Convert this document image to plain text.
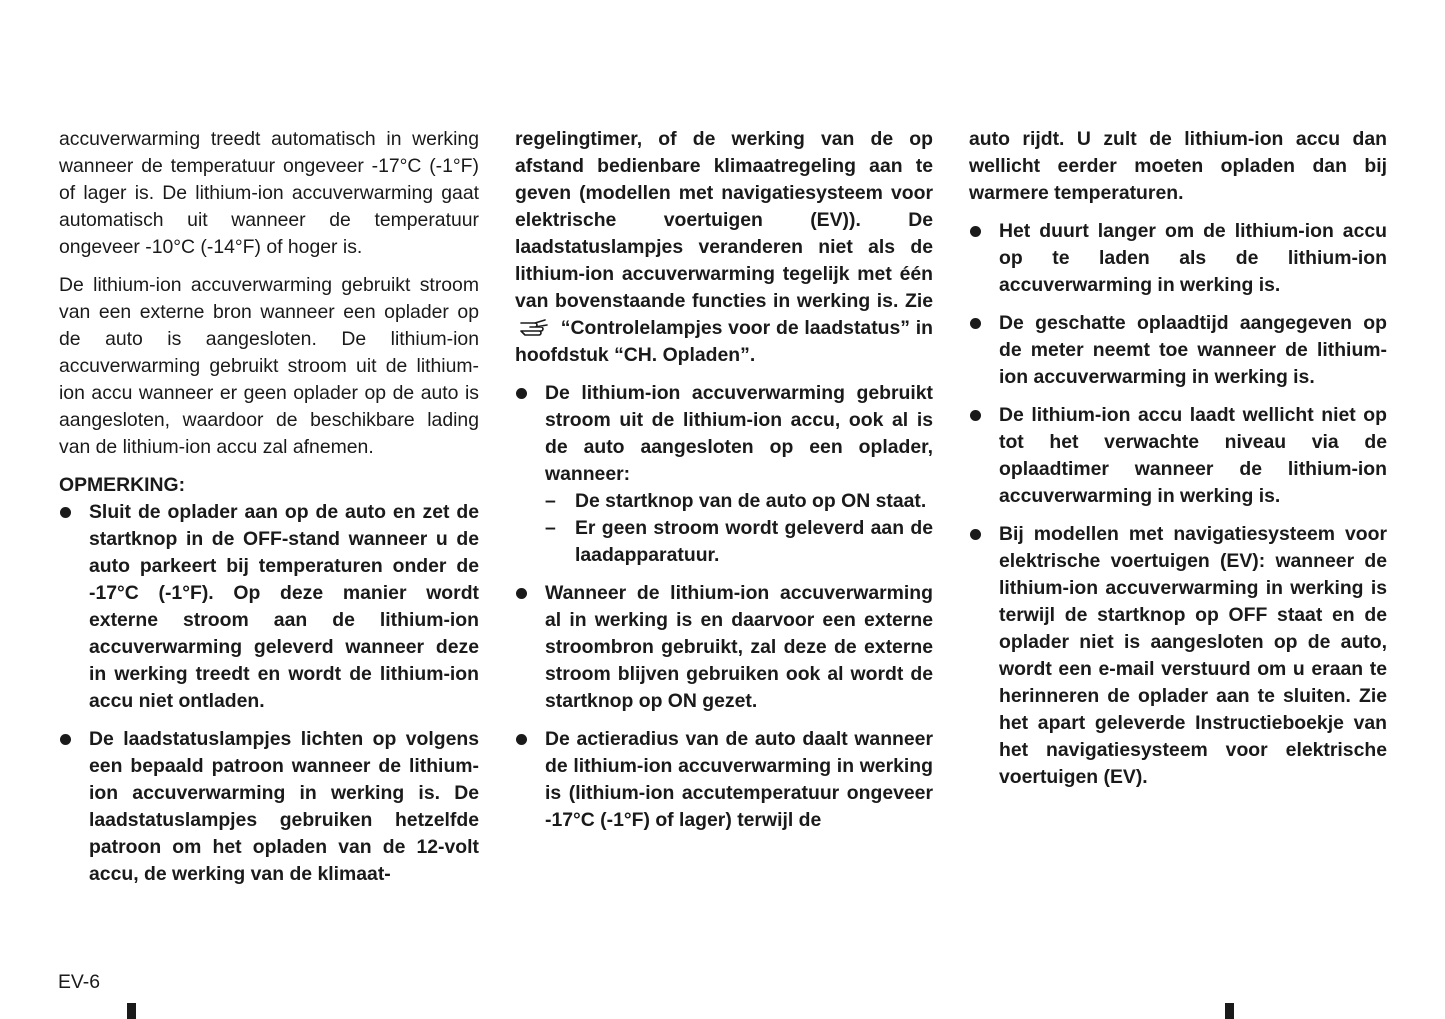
accuverwarming treedt automatisch in werking wanneer de temperatuur ongeveer -17°C (-1°F) of lager is. De lithium-ion accuverwarming gaat automatisch uit wanneer de temperatuur ongeveer -10°C (-14°F) of hoger is.

De lithium-ion accuverwarming gebruikt stroom van een externe bron wanneer een oplader op de auto is aangesloten. De lithium-ion accuverwarming gebruikt stroom uit de lithium-ion accu wanneer er geen oplader op de auto is aangesloten, waardoor de beschikbare lading van de lithium-ion accu zal afnemen.

OPMERKING:
Sluit de oplader aan op de auto en zet de startknop in de OFF-stand wanneer u de auto parkeert bij temperaturen onder de -17°C (-1°F). Op deze manier wordt externe stroom aan de lithium-ion accuverwarming geleverd wanneer deze in werking treedt en wordt de lithium-ion accu niet ontladen.
De laadstatuslampjes lichten op volgens een bepaald patroon wanneer de lithium-ion accuverwarming in werking is. De laadstatuslampjes gebruiken hetzelfde patroon om het opladen van de 12-volt accu, de werking van de klimaat-

regelingtimer, of de werking van de op afstand bedienbare klimaatregeling aan te geven (modellen met navigatiesysteem voor elektrische voertuigen (EV)). De laadstatuslampjes veranderen niet als de lithium-ion accuverwarming tegelijk met één van bovenstaande functies in werking is. Zie  “Controlelampjes voor de laadstatus” in hoofdstuk “CH. Opladen”.

De lithium-ion accuverwarming gebruikt stroom uit de lithium-ion accu, ook al is de auto aangesloten op een oplader, wanneer:
– De startknop van de auto op ON staat.
– Er geen stroom wordt geleverd aan de laadapparatuur.
Wanneer de lithium-ion accuverwarming al in werking is en daarvoor een externe stroombron gebruikt, zal deze de externe stroom blijven gebruiken ook al wordt de startknop op ON gezet.
De actieradius van de auto daalt wanneer de lithium-ion accuverwarming in werking is (lithium-ion accutemperatuur ongeveer -17°C (-1°F) of lager) terwijl de

auto rijdt. U zult de lithium-ion accu dan wellicht eerder moeten opladen dan bij warmere temperaturen.

Het duurt langer om de lithium-ion accu op te laden als de lithium-ion accuverwarming in werking is.
De geschatte oplaadtijd aangegeven op de meter neemt toe wanneer de lithium-ion accuverwarming in werking is.
De lithium-ion accu laadt wellicht niet op tot het verwachte niveau via de oplaadtimer wanneer de lithium-ion accuverwarming in werking is.
Bij modellen met navigatiesysteem voor elektrische voertuigen (EV): wanneer de lithium-ion accuverwarming in werking is terwijl de startknop op OFF staat en de oplader niet is aangesloten op de auto, wordt een e-mail verstuurd om u eraan te herinneren de oplader aan te sluiten. Zie het apart geleverde Instructieboekje van het navigatiesysteem voor elektrische voertuigen (EV).
EV-6
